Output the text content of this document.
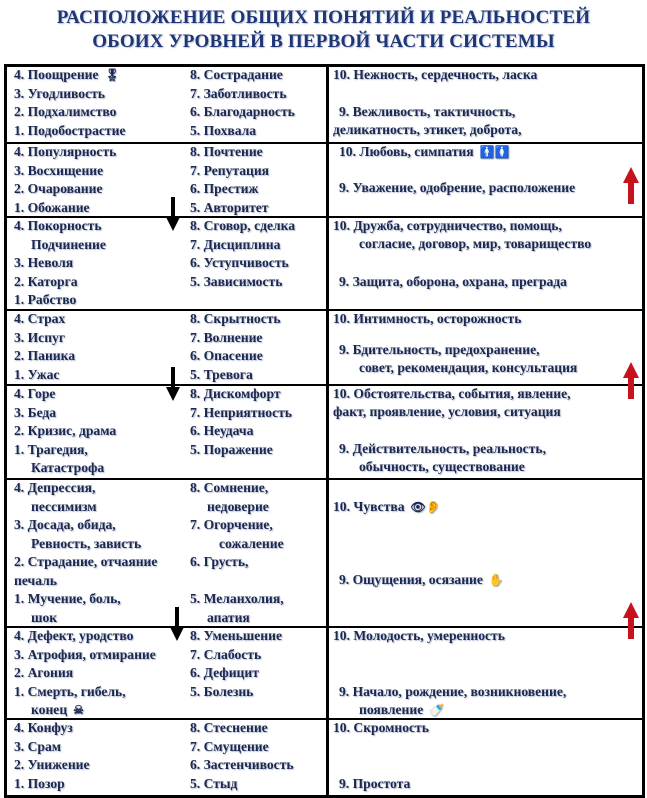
РАСПОЛОЖЕНИЕ ОБЩИХ ПОНЯТИЙ И РЕАЛЬНОСТЕЙ
ОБОИХ УРОВНЕЙ В ПЕРВОЙ ЧАСТИ СИСТЕМЫ
4. Поощрение 🎖
3. Угодливость
2. Подхалимство
1. Подобострастие
8. Сострадание
7. Заботливость
6. Благодарность
5. Похвала
10. Нежность, сердечность, ласка
9. Вежливость, тактичность,
деликатность, этикет, доброта,
4. Популярность
3. Восхищение
2. Очарование
1. Обожание
8. Почтение
7. Репутация
6. Престиж
5. Авторитет
10. Любовь, симпатия 🚹🚺
9. Уважение, одобрение, расположение
4. Покорность
Подчинение
3. Неволя
2. Каторга
1. Рабство
8. Сговор, сделка
7. Дисциплина
6. Уступчивость
5. Зависимость
10. Дружба, сотрудничество, помощь,
согласие, договор, мир, товарищество
9. Защита, оборона, охрана, преграда
4. Страх
3. Испуг
2. Паника
1. Ужас
8. Скрытность
7. Волнение
6. Опасение
5. Тревога
10. Интимность, осторожность
9. Бдительность, предохранение,
совет, рекомендация, консультация
4. Горе
3. Беда
2. Кризис, драма
1. Трагедия,
Катастрофа
8. Дискомфорт
7. Неприятность
6. Неудача
5. Поражение
10. Обстоятельства, события, явление,
факт, проявление, условия, ситуация
9. Действительность, реальность,
обычность, существование
4. Депрессия,
пессимизм
3. Досада, обида,
Ревность, зависть
2. Страдание, отчаяние
печаль
1. Мучение, боль,
шок
8. Сомнение,
недоверие
7. Огорчение,
сожаление
6. Грусть,
5. Меланхолия,
апатия
10. Чувства 👁👂
9. Ощущения, осязание ✋
4. Дефект, уродство
3. Атрофия, отмирание
2. Агония
1. Смерть, гибель,
конец ☠
8. Уменьшение
7. Слабость
6. Дефицит
5. Болезнь
10. Молодость, умеренность
9. Начало, рождение, возникновение,
появление 🍼
4. Конфуз
3. Срам
2. Унижение
1. Позор
8. Стеснение
7. Смущение
6. Застенчивость
5. Стыд
10. Скромность
9. Простота
